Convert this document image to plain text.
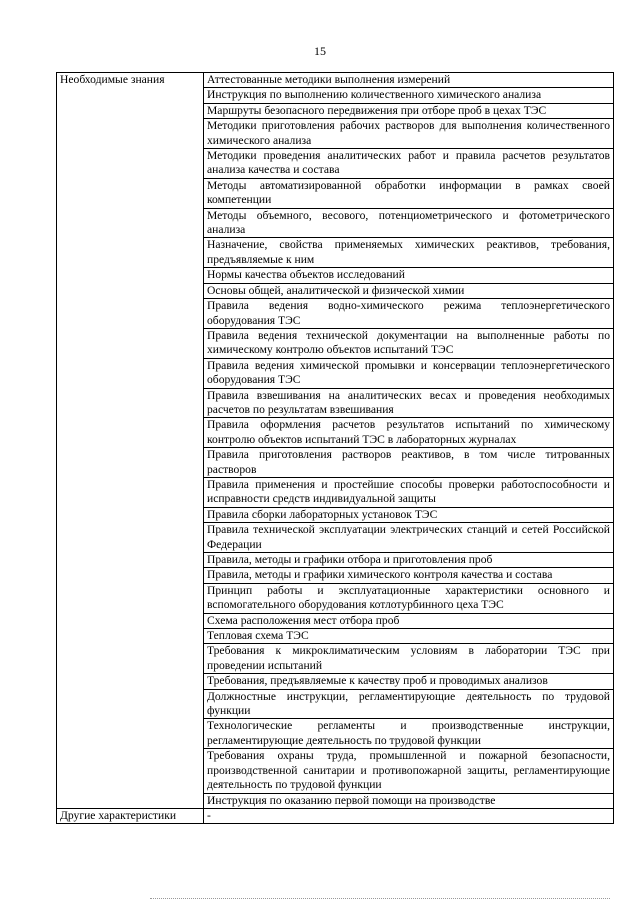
15
Необходимые знания	Аттестованные методики выполнения измерений
	Инструкция по выполнению количественного химического анализа
	Маршруты безопасного передвижения при отборе проб в цехах ТЭС
	Методики приготовления рабочих растворов для выполнения количественного химического анализа
	Методики проведения аналитических работ и правила расчетов результатов анализа качества и состава
	Методы автоматизированной обработки информации в рамках своей компетенции
	Методы объемного, весового, потенциометрического и фотометрического анализа
	Назначение, свойства применяемых химических реактивов, требования, предъявляемые к ним
	Нормы качества объектов исследований
	Основы общей, аналитической и физической химии
	Правила ведения водно-химического режима теплоэнергетического оборудования ТЭС
	Правила ведения технической документации на выполненные работы по химическому контролю объектов испытаний ТЭС
	Правила ведения химической промывки и консервации теплоэнергетического оборудования ТЭС
	Правила взвешивания на аналитических весах и проведения необходимых расчетов по результатам взвешивания
	Правила оформления расчетов результатов испытаний по химическому контролю объектов испытаний ТЭС в лабораторных журналах
	Правила приготовления растворов реактивов, в том числе титрованных растворов
	Правила применения и простейшие способы проверки работоспособности и исправности средств индивидуальной защиты
	Правила сборки лабораторных установок ТЭС
	Правила технической эксплуатации электрических станций и сетей Российской Федерации
	Правила, методы и графики отбора и приготовления проб
	Правила, методы и графики химического контроля качества и состава
	Принцип работы и эксплуатационные характеристики основного и вспомогательного оборудования котлотурбинного цеха ТЭС
	Схема расположения мест отбора проб
	Тепловая схема ТЭС
	Требования к микроклиматическим условиям в лаборатории ТЭС при проведении испытаний
	Требования, предъявляемые к качеству проб и проводимых анализов
	Должностные инструкции, регламентирующие деятельность по трудовой функции
	Технологические регламенты и производственные инструкции, регламентирующие деятельность по трудовой функции
	Требования охраны труда, промышленной и пожарной безопасности, производственной санитарии и противопожарной защиты, регламентирующие деятельность по трудовой функции
	Инструкция по оказанию первой помощи на производстве
Другие характеристики	-
